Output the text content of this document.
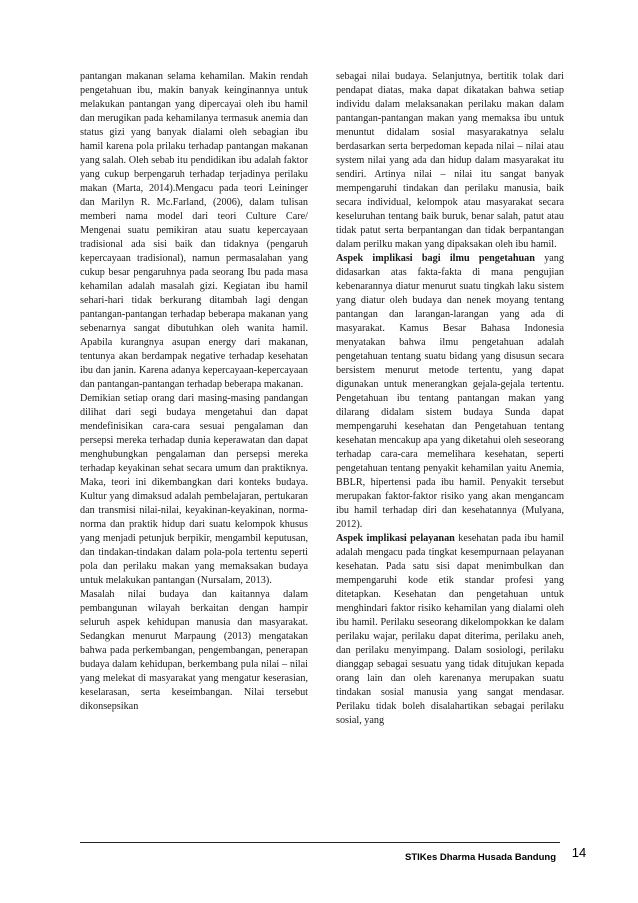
pantangan makanan selama kehamilan. Makin rendah pengetahuan ibu, makin banyak keinginannya untuk melakukan pantangan yang dipercayai oleh ibu hamil dan merugikan pada kehamilanya termasuk anemia dan status gizi yang banyak dialami oleh sebagian ibu hamil karena pola prilaku terhadap pantangan makanan yang salah. Oleh sebab itu pendidikan ibu adalah faktor yang cukup berpengaruh terhadap terjadinya perilaku makan (Marta, 2014).Mengacu pada teori Leininger dan Marilyn R. Mc.Farland, (2006), dalam tulisan memberi nama model dari teori Culture Care/ Mengenai suatu pemikiran atau suatu kepercayaan tradisional ada sisi baik dan tidaknya (pengaruh kepercayaan tradisional), namun permasalahan yang cukup besar pengaruhnya pada seorang Ibu pada masa kehamilan adalah masalah gizi. Kegiatan ibu hamil sehari-hari tidak berkurang ditambah lagi dengan pantangan-pantangan terhadap beberapa makanan yang sebenarnya sangat dibutuhkan oleh wanita hamil. Apabila kurangnya asupan energy dari makanan, tentunya akan berdampak negative terhadap kesehatan ibu dan janin. Karena adanya kepercayaan-kepercayaan dan pantangan-pantangan terhadap beberapa makanan.

Demikian setiap orang dari masing-masing pandangan dilihat dari segi budaya mengetahui dan dapat mendefinisikan cara-cara sesuai pengalaman dan persepsi mereka terhadap dunia keperawatan dan dapat menghubungkan pengalaman dan persepsi mereka terhadap keyakinan sehat secara umum dan praktiknya. Maka, teori ini dikembangkan dari konteks budaya. Kultur yang dimaksud adalah pembelajaran, pertukaran dan transmisi nilai-nilai, keyakinan-keyakinan, norma-norma dan praktik hidup dari suatu kelompok khusus yang menjadi petunjuk berpikir, mengambil keputusan, dan tindakan-tindakan dalam pola-pola tertentu seperti pola dan perilaku makan yang memaksakan budaya untuk melakukan pantangan (Nursalam, 2013).

Masalah nilai budaya dan kaitannya dalam pembangunan wilayah berkaitan dengan hampir seluruh aspek kehidupan manusia dan masyarakat. Sedangkan menurut Marpaung (2013) mengatakan bahwa pada perkembangan, pengembangan, penerapan budaya dalam kehidupan, berkembang pula nilai – nilai yang melekat di masyarakat yang mengatur keserasian, keselarasan, serta keseimbangan. Nilai tersebut dikonsepsikan

sebagai nilai budaya. Selanjutnya, bertitik tolak dari pendapat diatas, maka dapat dikatakan bahwa setiap individu dalam melaksanakan perilaku makan dalam pantangan-pantangan makan yang memaksa ibu untuk menuntut didalam sosial masyarakatnya selalu berdasarkan serta berpedoman kepada nilai – nilai atau system nilai yang ada dan hidup dalam masyarakat itu sendiri. Artinya nilai – nilai itu sangat banyak mempengaruhi tindakan dan perilaku manusia, baik secara individual, kelompok atau masyarakat secara keseluruhan tentang baik buruk, benar salah, patut atau tidak patut serta berpantangan dan tidak berpantangan dalam perilku makan yang dipaksakan oleh ibu hamil.

Aspek implikasi bagi ilmu pengetahuan yang didasarkan atas fakta-fakta di mana pengujian kebenarannya diatur menurut suatu tingkah laku sistem yang diatur oleh budaya dan nenek moyang tentang pantangan dan larangan-larangan yang ada di masyarakat. Kamus Besar Bahasa Indonesia menyatakan bahwa ilmu pengetahuan adalah pengetahuan tentang suatu bidang yang disusun secara bersistem menurut metode tertentu, yang dapat digunakan untuk menerangkan gejala-gejala tertentu. Pengetahuan ibu tentang pantangan makan yang dilarang didalam sistem budaya Sunda dapat mempengaruhi kesehatan dan Pengetahuan tentang kesehatan mencakup apa yang diketahui oleh seseorang terhadap cara-cara memelihara kesehatan, seperti pengetahuan tentang penyakit kehamilan yaitu Anemia, BBLR, hipertensi pada ibu hamil. Penyakit tersebut merupakan faktor-faktor risiko yang akan mengancam ibu hamil terhadap diri dan kesehatannya (Mulyana, 2012).

Aspek implikasi pelayanan kesehatan pada ibu hamil adalah mengacu pada tingkat kesempurnaan pelayanan kesehatan. Pada satu sisi dapat menimbulkan dan mempengaruhi kode etik standar profesi yang ditetapkan. Kesehatan dan pengetahuan untuk menghindari faktor risiko kehamilan yang dialami oleh ibu hamil. Perilaku seseorang dikelompokkan ke dalam perilaku wajar, perilaku dapat diterima, perilaku aneh, dan perilaku menyimpang. Dalam sosiologi, perilaku dianggap sebagai sesuatu yang tidak ditujukan kepada orang lain dan oleh karenanya merupakan suatu tindakan sosial manusia yang sangat mendasar. Perilaku tidak boleh disalahartikan sebagai perilaku sosial, yang

STIKes Dharma Husada Bandung	14
